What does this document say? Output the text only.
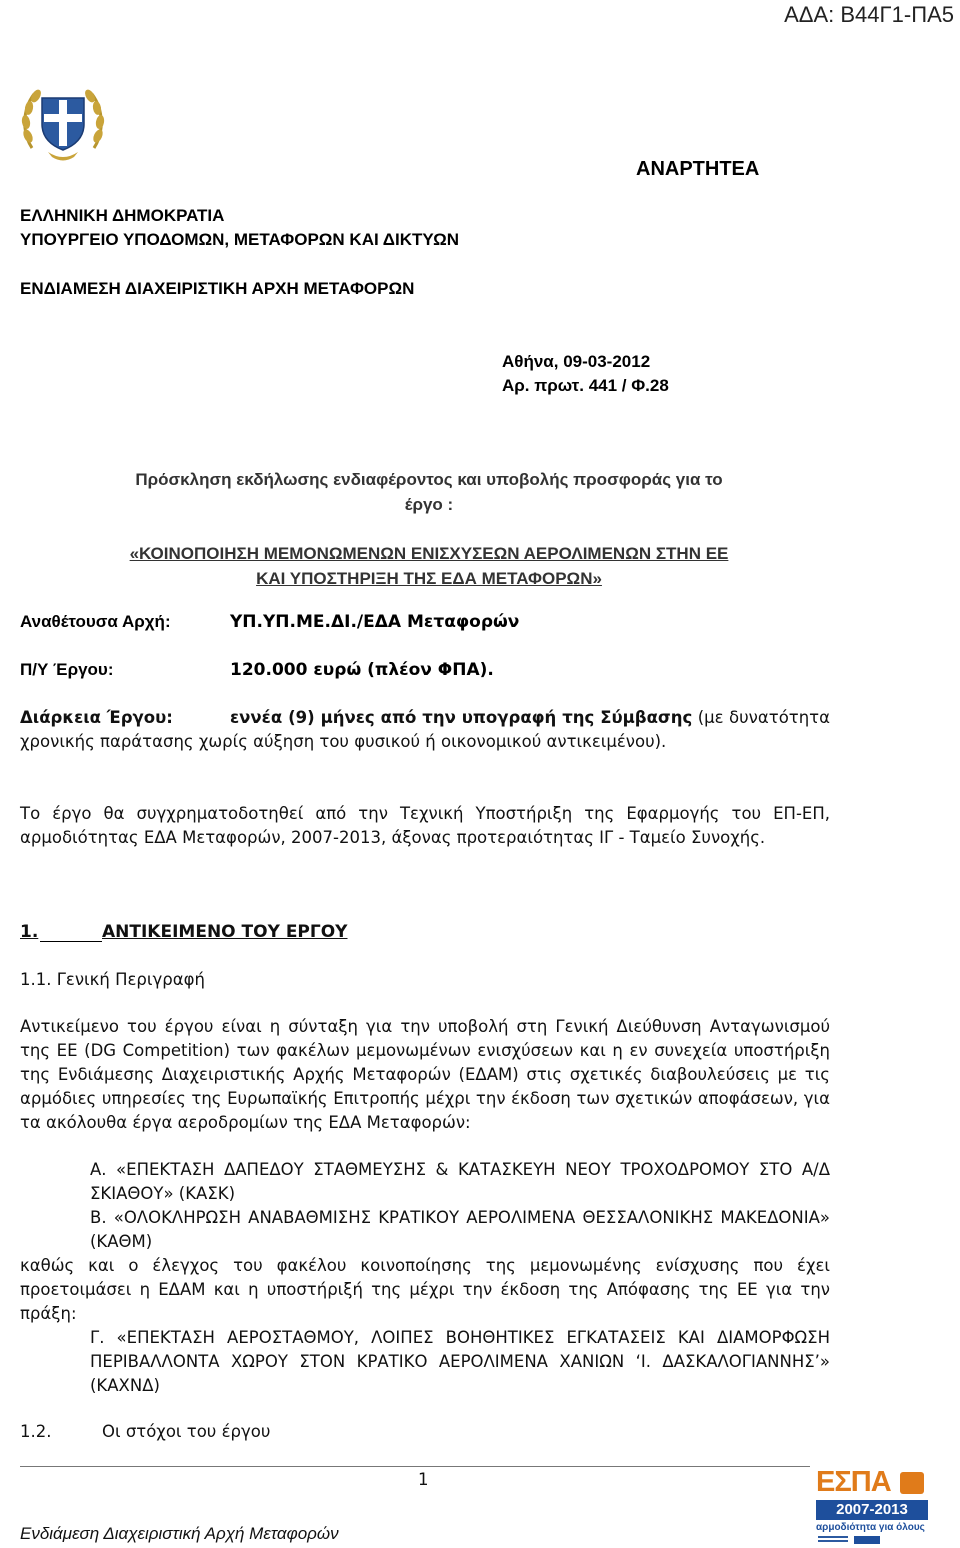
ΑΔΑ: Β44Γ1-ΠΑ5
ΑΝΑΡΤΗΤΕΑ
ΕΛΛΗΝΙΚΗ ΔΗΜΟΚΡΑΤΙΑ
ΥΠΟΥΡΓΕΙΟ ΥΠΟΔΟΜΩΝ, ΜΕΤΑΦΟΡΩΝ ΚΑΙ ΔΙΚΤΥΩΝ
ΕΝΔΙΑΜΕΣΗ ΔΙΑΧΕΙΡΙΣΤΙΚΗ ΑΡΧΗ ΜΕΤΑΦΟΡΩΝ
Αθήνα, 09-03-2012
Αρ. πρωτ. 441 / Φ.28
Πρόσκληση εκδήλωσης ενδιαφέροντος και υποβολής προσφοράς για το
έργο :
«ΚΟΙΝΟΠΟΙΗΣΗ ΜΕΜΟΝΩΜΕΝΩΝ ΕΝΙΣΧΥΣΕΩΝ ΑΕΡΟΛΙΜΕΝΩΝ ΣΤΗΝ ΕΕ
ΚΑΙ ΥΠΟΣΤΗΡΙΞΗ ΤΗΣ ΕΔΑ ΜΕΤΑΦΟΡΩΝ»
Αναθέτουσα Αρχή:	ΥΠ.ΥΠ.ΜΕ.ΔΙ./ΕΔΑ Μεταφορών
Π/Υ Έργου:	120.000 ευρώ (πλέον ΦΠΑ).
Διάρκεια Έργου:	εννέα (9) μήνες από την υπογραφή της Σύμβασης (με δυνατότητα χρονικής παράτασης χωρίς αύξηση του φυσικού ή οικονομικού αντικειμένου).
Το έργο θα συγχρηματοδοτηθεί από την Τεχνική Υποστήριξη της Εφαρμογής του ΕΠ-ΕΠ, αρμοδιότητας ΕΔΑ Μεταφορών, 2007-2013, άξονας προτεραιότητας ΙΓ - Ταμείο Συνοχής.
1.	ΑΝΤΙΚΕΙΜΕΝΟ ΤΟΥ ΕΡΓΟΥ
1.1. Γενική Περιγραφή
Αντικείμενο του έργου είναι η σύνταξη για την υποβολή στη Γενική Διεύθυνση Ανταγωνισμού της ΕΕ (DG Competition) των φακέλων μεμονωμένων ενισχύσεων και η εν συνεχεία υποστήριξη της Ενδιάμεσης Διαχειριστικής Αρχής Μεταφορών (ΕΔΑΜ) στις σχετικές διαβουλεύσεις με τις αρμόδιες υπηρεσίες της Ευρωπαϊκής Επιτροπής μέχρι την έκδοση των σχετικών αποφάσεων, για τα ακόλουθα έργα αεροδρομίων της ΕΔΑ Μεταφορών:
Α. «ΕΠΕΚΤΑΣΗ ΔΑΠΕΔΟΥ ΣΤΑΘΜΕΥΣΗΣ & ΚΑΤΑΣΚΕΥΗ ΝΕΟΥ ΤΡΟΧΟΔΡΟΜΟΥ ΣΤΟ Α/Δ ΣΚΙΑΘΟΥ» (ΚΑΣΚ)
Β. «ΟΛΟΚΛΗΡΩΣΗ ΑΝΑΒΑΘΜΙΣΗΣ ΚΡΑΤΙΚΟΥ ΑΕΡΟΛΙΜΕΝΑ ΘΕΣΣΑΛΟΝΙΚΗΣ ΜΑΚΕΔΟΝΙΑ» (ΚΑΘΜ)
καθώς και ο έλεγχος του φακέλου κοινοποίησης της μεμονωμένης ενίσχυσης που έχει προετοιμάσει η ΕΔΑΜ και η υποστήριξή της μέχρι την έκδοση της Απόφασης της ΕΕ για την πράξη:
Γ. «ΕΠΕΚΤΑΣΗ ΑΕΡΟΣΤΑΘΜΟΥ, ΛΟΙΠΕΣ ΒΟΗΘΗΤΙΚΕΣ ΕΓΚΑΤΑΣΕΙΣ ΚΑΙ ΔΙΑΜΟΡΦΩΣΗ ΠΕΡΙΒΑΛΛΟΝΤΑ ΧΩΡΟΥ ΣΤΟΝ ΚΡΑΤΙΚΟ ΑΕΡΟΛΙΜΕΝΑ ΧΑΝΙΩΝ ‘Ι. ΔΑΣΚΑΛΟΓΙΑΝΝΗΣ’» (ΚΑΧΝΔ)
1.2.	Οι στόχοι του έργου
1
Ενδιάμεση Διαχειριστική Αρχή Μεταφορών
ΕΣΠΑ
2007-2013
αρμοδιότητα για όλους
